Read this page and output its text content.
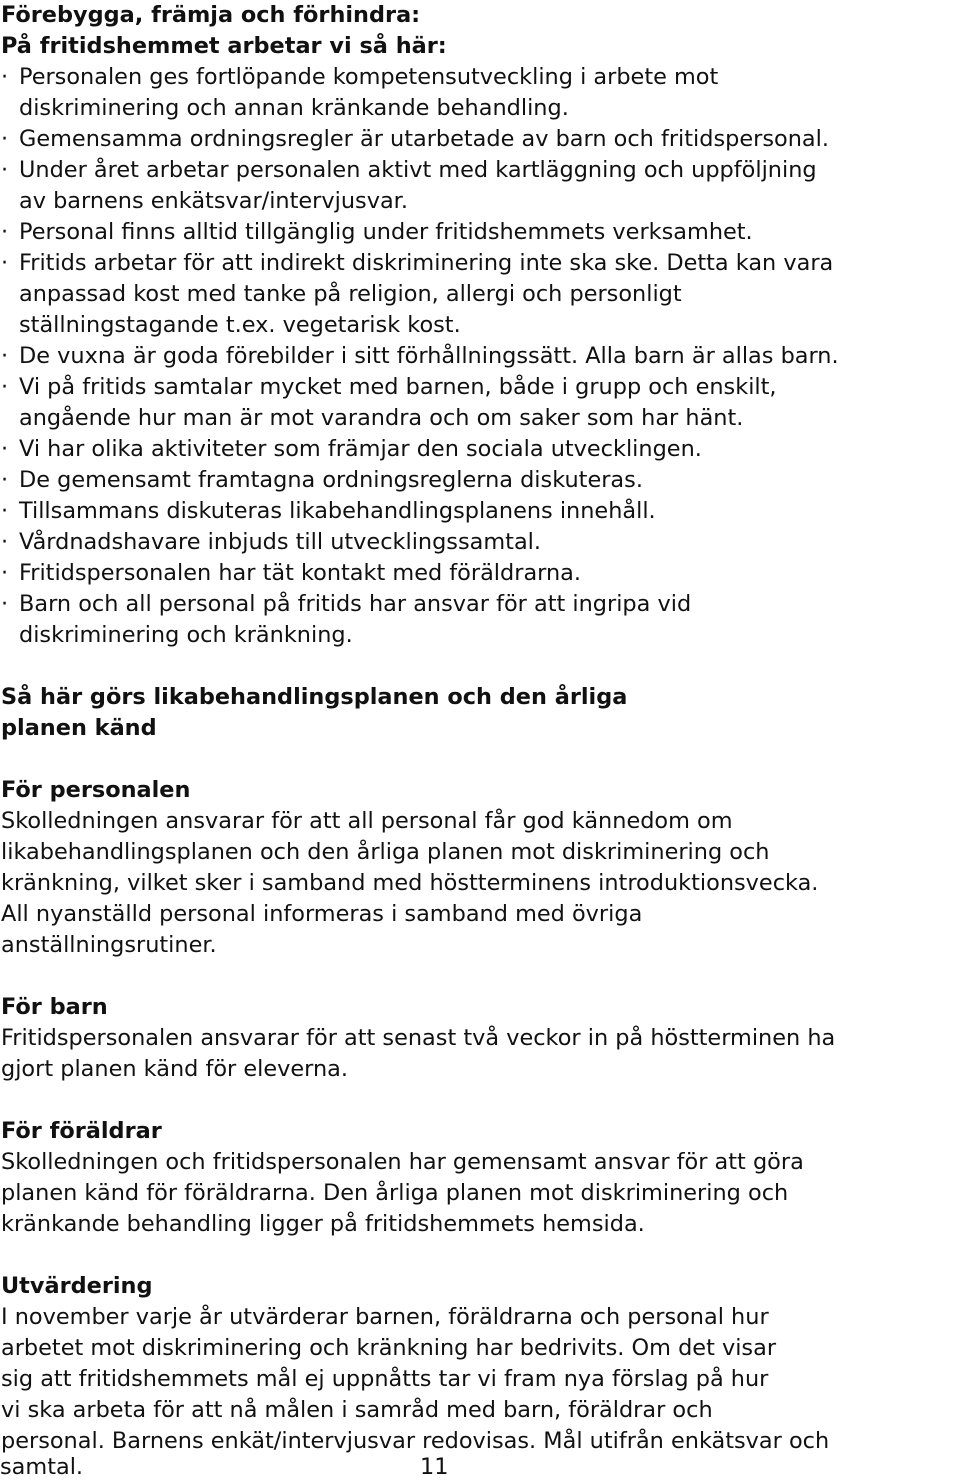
Förebygga, främja och förhindra:
På fritidshemmet arbetar vi så här:
· Personalen ges fortlöpande kompetensutveckling i arbete mot
diskriminering och annan kränkande behandling.
· Gemensamma ordningsregler är utarbetade av barn och fritidspersonal.
· Under året arbetar personalen aktivt med kartläggning och uppföljning
av barnens enkätsvar/intervjusvar.
· Personal finns alltid tillgänglig under fritidshemmets verksamhet.
· Fritids arbetar för att indirekt diskriminering inte ska ske. Detta kan vara
anpassad kost med tanke på religion, allergi och personligt
ställningstagande t.ex. vegetarisk kost.
· De vuxna är goda förebilder i sitt förhållningssätt. Alla barn är allas barn.
· Vi på fritids samtalar mycket med barnen, både i grupp och enskilt,
angående hur man är mot varandra och om saker som har hänt.
· Vi har olika aktiviteter som främjar den sociala utvecklingen.
· De gemensamt framtagna ordningsreglerna diskuteras.
· Tillsammans diskuteras likabehandlingsplanens innehåll.
· Vårdnadshavare inbjuds till utvecklingssamtal.
· Fritidspersonalen har tät kontakt med föräldrarna.
· Barn och all personal på fritids har ansvar för att ingripa vid
diskriminering och kränkning.
Så här görs likabehandlingsplanen och den årliga
planen känd
För personalen
Skolledningen ansvarar för att all personal får god kännedom om
likabehandlingsplanen och den årliga planen mot diskriminering och
kränkning, vilket sker i samband med höstterminens introduktionsvecka.
All nyanställd personal informeras i samband med övriga
anställningsrutiner.
För barn
Fritidspersonalen ansvarar för att senast två veckor in på höstterminen ha
gjort planen känd för eleverna.
För föräldrar
Skolledningen och fritidspersonalen har gemensamt ansvar för att göra
planen känd för föräldrarna. Den årliga planen mot diskriminering och
kränkande behandling ligger på fritidshemmets hemsida.
Utvärdering
I november varje år utvärderar barnen, föräldrarna och personal hur
arbetet mot diskriminering och kränkning har bedrivits. Om det visar
sig att fritidshemmets mål ej uppnåtts tar vi fram nya förslag på hur
vi ska arbeta för att nå målen i samråd med barn, föräldrar och
personal. Barnens enkät/intervjusvar redovisas. Mål utifrån enkätsvar och
samtal.	11
